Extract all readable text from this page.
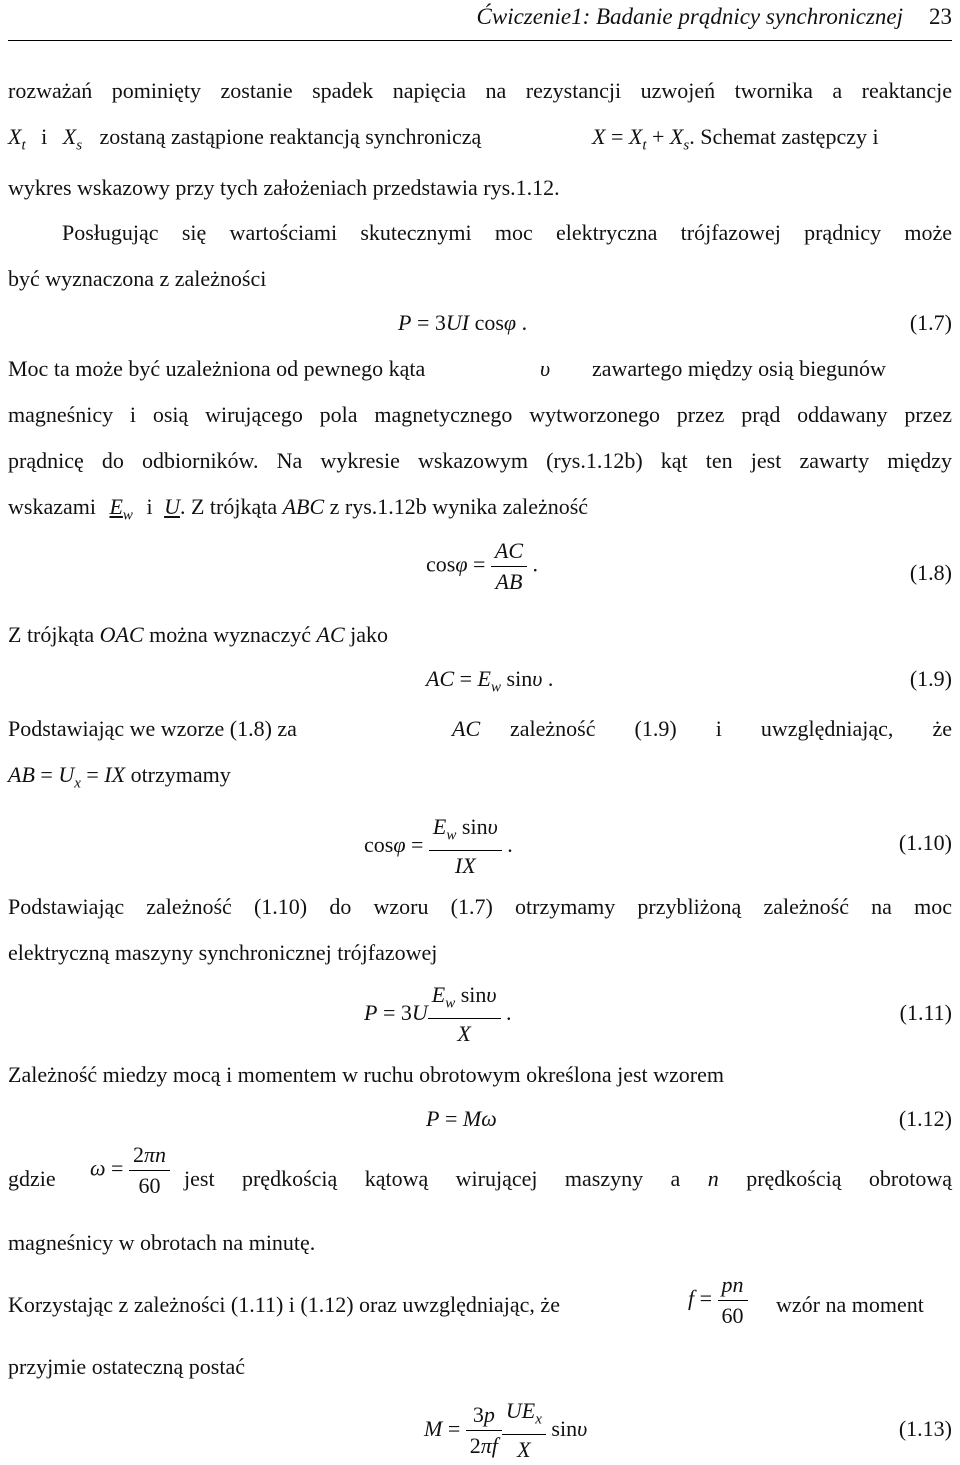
Ćwiczenie1: Badanie prądnicy synchronicznej 23
rozważań pominięty zostanie spadek napięcia na rezystancji uzwojeń twornika a reaktancje
$X_t$ i $X_s$ zostaną zastąpione reaktancją synchroniczą	$X = X_t + X_s$. Schemat zastępczy i
wykres wskazowy przy tych założeniach przedstawia rys.1.12.
Posługując się wartościami skutecznymi moc elektryczna trójfazowej prądnicy może
być wyznaczona z zależności
P = 3UI cosφ .	(1.7)
Moc ta może być uzależniona od pewnego kąta	υ zawartego między osią biegunów
magneśnicy i osią wirującego pola magnetycznego wytworzonego przez prąd oddawany przez
prądnicę do odbiorników. Na wykresie wskazowym (rys.1.12b) kąt ten jest zawarty między
wskazami $E_w$ i U. Z trójkąta ABC z rys.1.12b wynika zależność
$\cos\varphi = \frac{AC}{AB}$ .	(1.8)
Z trójkąta OAC można wyznaczyć AC jako
AC = $E_w$ sinυ .	(1.9)
Podstawiając we wzorze (1.8) za	AC zależność (1.9) i uwzględniając, że
AB = $U_x$ = IX otrzymamy
$\cos\varphi = \frac{E_w \sin\upsilon}{IX}$ .	(1.10)
Podstawiając zależność (1.10) do wzoru (1.7) otrzymamy przybliżoną zależność na moc
elektryczną maszyny synchronicznej trójfazowej
$P = 3U \frac{E_w \sin\upsilon}{X}$ .	(1.11)
Zależność miedzy mocą i momentem w ruchu obrotowym określona jest wzorem
P = Mω	(1.12)
gdzie $\omega = \frac{2\pi n}{60}$ jest prędkością kątową wirującej maszyny a n prędkością obrotową
magneśnicy w obrotach na minutę.
Korzystając z zależności (1.11) i (1.12) oraz uwzględniając, że	$f = \frac{pn}{60}$ wzór na moment
przyjmie ostateczną postać
$M = \frac{3p}{2\pi f} \frac{UE_x}{X}$ sinυ	(1.13)
